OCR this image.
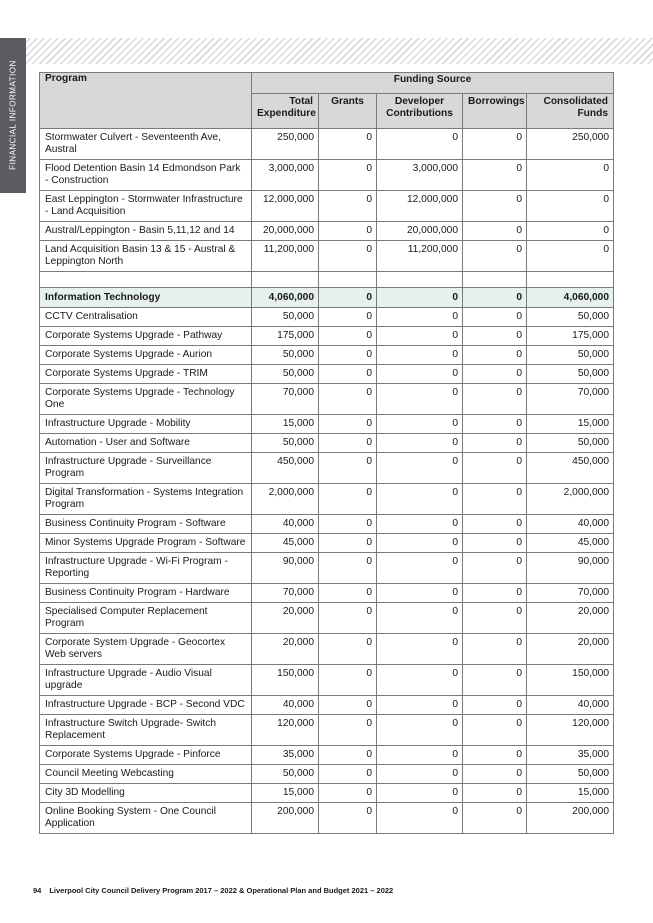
FINANCIAL INFORMATION	Program	Funding Source				
	Total Expenditure	Grants	Developer Contributions	Borrowings	Consolidated Funds
Stormwater Culvert - Seventeenth Ave, Austral	250,000	0	0	0	250,000
Flood Detention Basin 14 Edmondson Park - Construction	3,000,000	0	3,000,000	0	0
East Leppington - Stormwater Infrastructure - Land Acquisition	12,000,000	0	12,000,000	0	0
Austral/Leppington - Basin 5,11,12 and 14	20,000,000	0	20,000,000	0	0
Land Acquisition Basin 13 & 15 - Austral & Leppington North	11,200,000	0	11,200,000	0	0

Information Technology	4,060,000	0	0	0	4,060,000
CCTV Centralisation	50,000	0	0	0	50,000
Corporate Systems Upgrade - Pathway	175,000	0	0	0	175,000
Corporate Systems Upgrade - Aurion	50,000	0	0	0	50,000
Corporate Systems Upgrade - TRIM	50,000	0	0	0	50,000
Corporate Systems Upgrade - Technology One	70,000	0	0	0	70,000
Infrastructure Upgrade - Mobility	15,000	0	0	0	15,000
Automation - User and Software	50,000	0	0	0	50,000
Infrastructure Upgrade - Surveillance Program	450,000	0	0	0	450,000
Digital Transformation - Systems Integration Program	2,000,000	0	0	0	2,000,000
Business Continuity Program - Software	40,000	0	0	0	40,000
Minor Systems Upgrade Program - Software	45,000	0	0	0	45,000
Infrastructure Upgrade - Wi-Fi Program - Reporting	90,000	0	0	0	90,000
Business Continuity Program - Hardware	70,000	0	0	0	70,000
Specialised Computer Replacement Program	20,000	0	0	0	20,000
Corporate System Upgrade - Geocortex Web servers	20,000	0	0	0	20,000
Infrastructure Upgrade - Audio Visual upgrade	150,000	0	0	0	150,000
Infrastructure Upgrade - BCP - Second VDC	40,000	0	0	0	40,000
Infrastructure Switch Upgrade- Switch Replacement	120,000	0	0	0	120,000
Corporate Systems Upgrade - Pinforce	35,000	0	0	0	35,000
Council Meeting Webcasting	50,000	0	0	0	50,000
City 3D Modelling	15,000	0	0	0	15,000
Online Booking System - One Council Application	200,000	0	0	0	200,000
94 Liverpool City Council Delivery Program 2017 – 2022 & Operational Plan and Budget 2021 – 2022
